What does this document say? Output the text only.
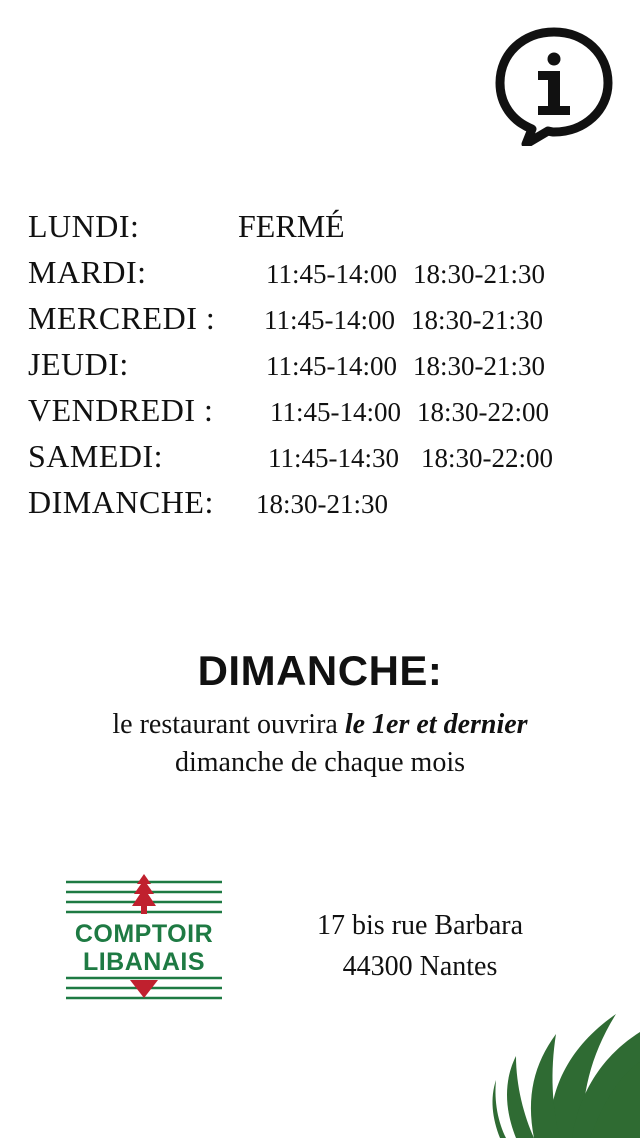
LUNDI:	FERMÉ
MARDI:	11:45-14:00 18:30-21:30
MERCREDI :	11:45-14:00 18:30-21:30
JEUDI:	11:45-14:00 18:30-21:30
VENDREDI :	11:45-14:00 18:30-22:00
SAMEDI:	11:45-14:30 18:30-22:00
DIMANCHE:	18:30-21:30
DIMANCHE:
le restaurant ouvrira le 1er et dernier
dimanche de chaque mois
COMPTOIR
LIBANAIS
17 bis rue Barbara
44300 Nantes
